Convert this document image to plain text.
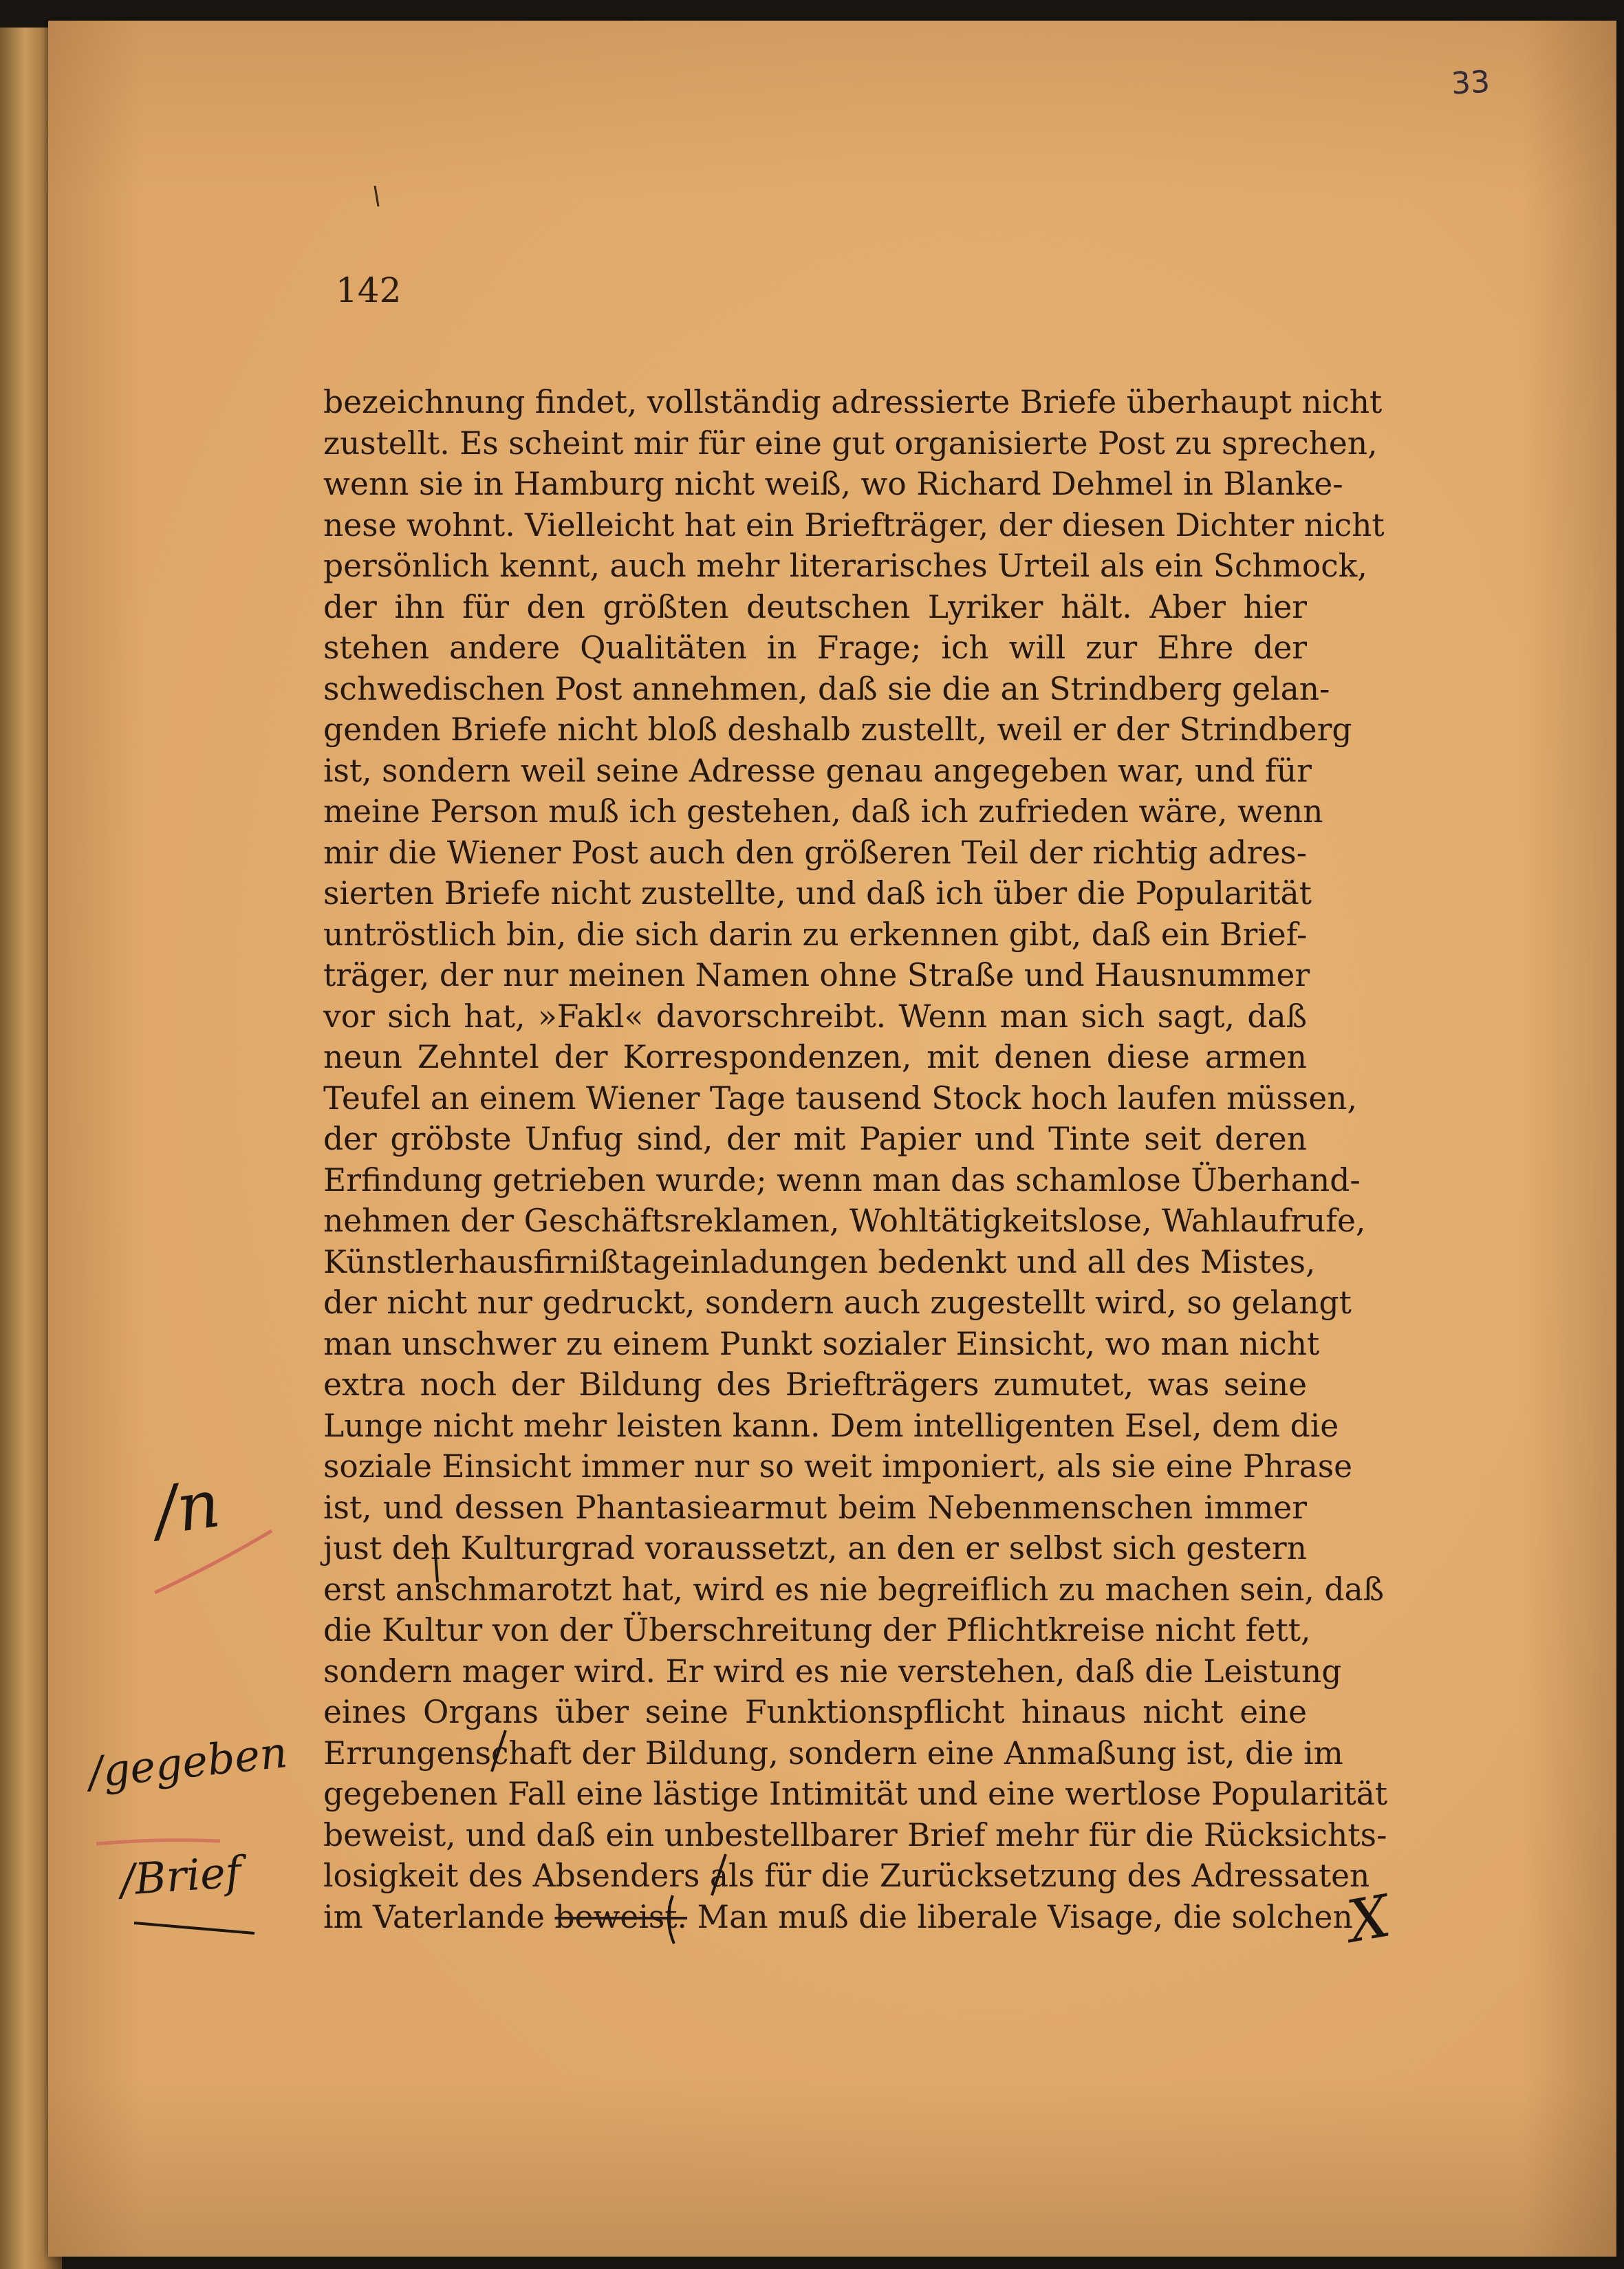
33
142
bezeichnung findet, vollständig adressierte Briefe überhaupt nicht
zustellt. Es scheint mir für eine gut organisierte Post zu sprechen,
wenn sie in Hamburg nicht weiß, wo Richard Dehmel in Blanke-
nese wohnt. Vielleicht hat ein Briefträger, der diesen Dichter nicht
persönlich kennt, auch mehr literarisches Urteil als ein Schmock,
der ihn für den größten deutschen Lyriker hält. Aber hier
stehen andere Qualitäten in Frage; ich will zur Ehre der
schwedischen Post annehmen, daß sie die an Strindberg gelan-
genden Briefe nicht bloß deshalb zustellt, weil er der Strindberg
ist, sondern weil seine Adresse genau angegeben war, und für
meine Person muß ich gestehen, daß ich zufrieden wäre, wenn
mir die Wiener Post auch den größeren Teil der richtig adres-
sierten Briefe nicht zustellte, und daß ich über die Popularität
untröstlich bin, die sich darin zu erkennen gibt, daß ein Brief-
träger, der nur meinen Namen ohne Straße und Hausnummer
vor sich hat, »Fakl« davorschreibt. Wenn man sich sagt, daß
neun Zehntel der Korrespondenzen, mit denen diese armen
Teufel an einem Wiener Tage tausend Stock hoch laufen müssen,
der gröbste Unfug sind, der mit Papier und Tinte seit deren
Erfindung getrieben wurde; wenn man das schamlose Überhand-
nehmen der Geschäftsreklamen, Wohltätigkeitslose, Wahlaufrufe,
Künstlerhausfirnißtageinladungen bedenkt und all des Mistes,
der nicht nur gedruckt, sondern auch zugestellt wird, so gelangt
man unschwer zu einem Punkt sozialer Einsicht, wo man nicht
extra noch der Bildung des Briefträgers zumutet, was seine
Lunge nicht mehr leisten kann. Dem intelligenten Esel, dem die
soziale Einsicht immer nur so weit imponiert, als sie eine Phrase
ist, und dessen Phantasiearmut beim Nebenmenschen immer
just den Kulturgrad voraussetzt, an den er selbst sich gestern
erst anschmarotzt hat, wird es nie begreiflich zu machen sein, daß
die Kultur von der Überschreitung der Pflichtkreise nicht fett,
sondern mager wird. Er wird es nie verstehen, daß die Leistung
eines Organs über seine Funktionspflicht hinaus nicht eine
Errungenschaft der Bildung, sondern eine Anmaßung ist, die im
gegebenen Fall eine lästige Intimität und eine wertlose Popularität
beweist, und daß ein unbestellbarer Brief mehr für die Rücksichts-
losigkeit des Absenders als für die Zurücksetzung des Adressaten
im Vaterlande beweist. Man muß die liberale Visage, die solchen
/n
/gegeben
/Brief
X
